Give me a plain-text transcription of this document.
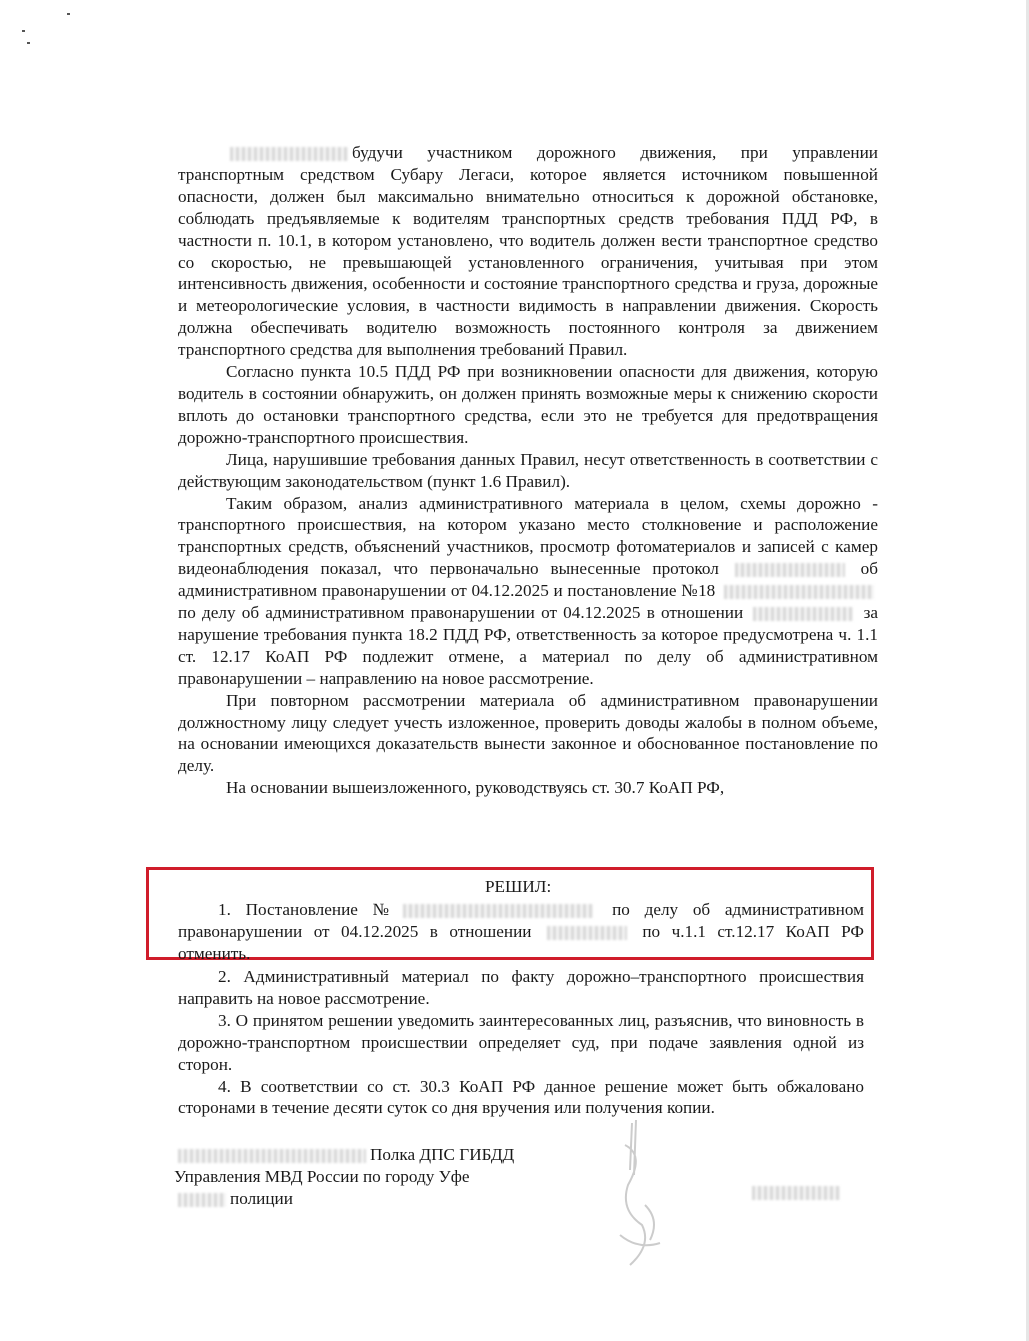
будучи участником дорожного движения, при управлении транспортным средством Субару Легаси, которое является источником повышенной опасности, должен был максимально внимательно относиться к дорожной обстановке, соблюдать предъявляемые к водителям транспортных средств требования ПДД РФ, в частности п. 10.1, в котором установлено, что водитель должен вести транспортное средство со скоростью, не превышающей установленного ограничения, учитывая при этом интенсивность движения, особенности и состояние транспортного средства и груза, дорожные и метеорологические условия, в частности видимость в направлении движения. Скорость должна обеспечивать водителю возможность постоянного контроля за движением транспортного средства для выполнения требований Правил.

Согласно пункта 10.5 ПДД РФ при возникновении опасности для движения, которую водитель в состоянии обнаружить, он должен принять возможные меры к снижению скорости вплоть до остановки транспортного средства, если это не требуется для предотвращения дорожно-транспортного происшествия.

Лица, нарушившие требования данных Правил, несут ответственность в соответствии с действующим законодательством (пункт 1.6 Правил).

Таким образом, анализ административного материала в целом, схемы дорожно - транспортного происшествия, на котором указано место столкновение и расположение транспортных средств, объяснений участников, просмотр фотоматериалов и записей с камер видеонаблюдения показал, что первоначально вынесенные протокол	об административном правонарушении от 04.12.2025 и постановление №18  по делу об административном правонарушении от 04.12.2025 в отношении	за нарушение требования пункта 18.2 ПДД РФ, ответственность за которое предусмотрена ч. 1.1 ст. 12.17 КоАП РФ подлежит отмене, а материал по делу об административном правонарушении – направлению на новое рассмотрение.

При повторном рассмотрении материала об административном правонарушении должностному лицу следует учесть изложенное, проверить доводы жалобы в полном объеме, на основании имеющихся доказательств вынести законное и обоснованное постановление по делу.

На основании вышеизложенного, руководствуясь ст. 30.7 КоАП РФ,

РЕШИЛ:

1. Постановление №	по делу об административном правонарушении от 04.12.2025 в отношении	по ч.1.1 ст.12.17 КоАП РФ отменить.

2. Административный материал по факту дорожно–транспортного происшествия направить на новое рассмотрение.

3. О принятом решении уведомить заинтересованных лиц, разъяснив, что виновность в дорожно-транспортном происшествии определяет суд, при подаче заявления одной из сторон.

4. В соответствии со ст. 30.3 КоАП РФ данное решение может быть обжаловано сторонами в течение десяти суток со дня вручения или получения копии.

Полка ДПС ГИБДД

Управления МВД России по городу Уфе

полиции
